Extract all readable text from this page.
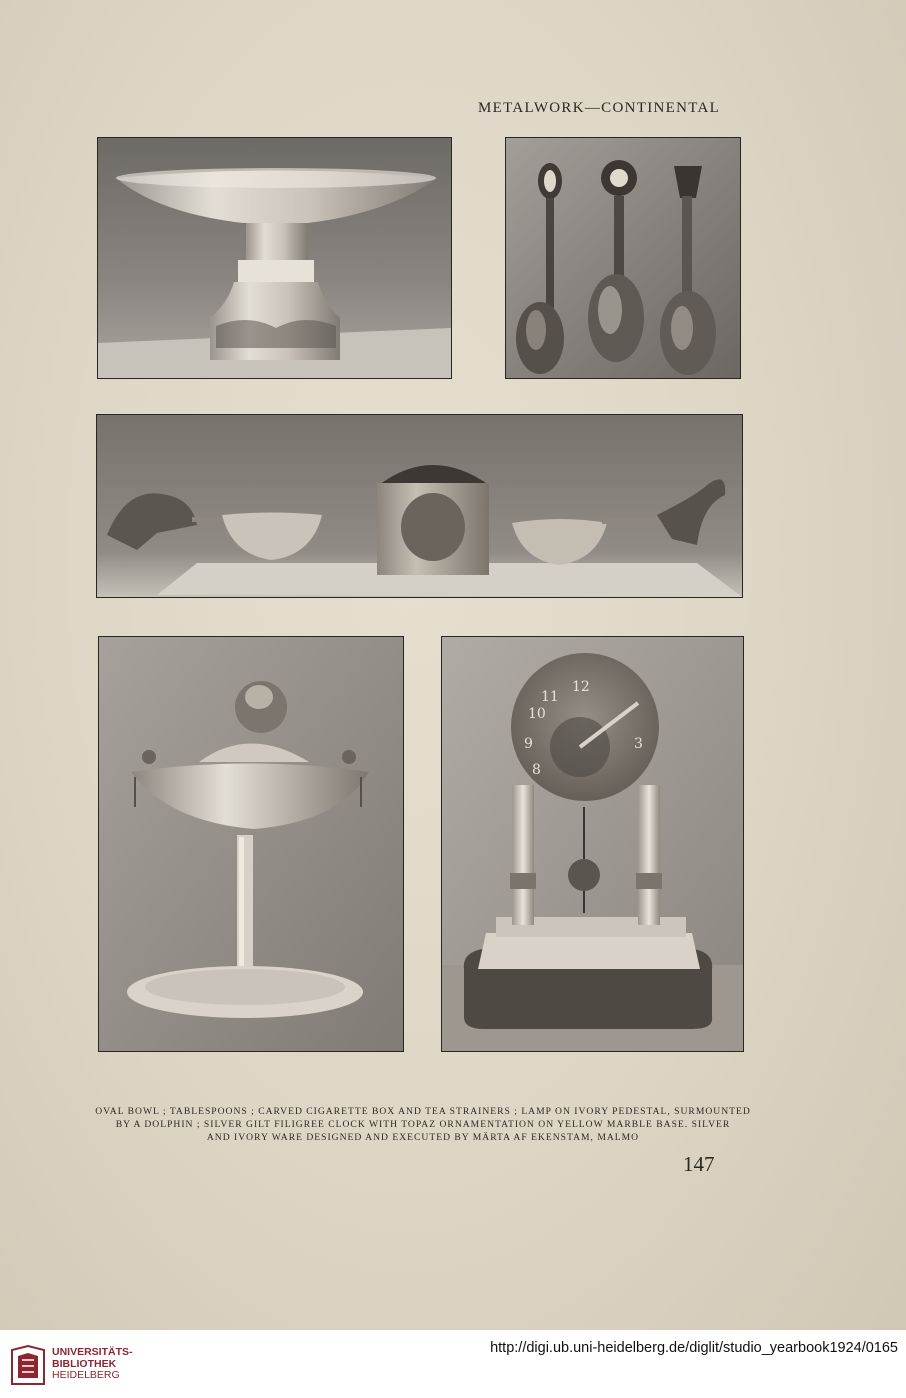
METALWORK—CONTINENTAL
12
11
10
9
8
3
OVAL BOWL ; TABLESPOONS ; CARVED CIGARETTE BOX AND TEA STRAINERS ; LAMP ON IVORY PEDESTAL, SURMOUNTED
BY A DOLPHIN ; SILVER GILT FILIGREE CLOCK WITH TOPAZ ORNAMENTATION ON YELLOW MARBLE BASE. SILVER
AND IVORY WARE DESIGNED AND EXECUTED BY MÄRTA AF EKENSTAM, MALMO
147
UNIVERSITÄTS-
BIBLIOTHEK
HEIDELBERG
http://digi.ub.uni-heidelberg.de/diglit/studio_yearbook1924/0165
